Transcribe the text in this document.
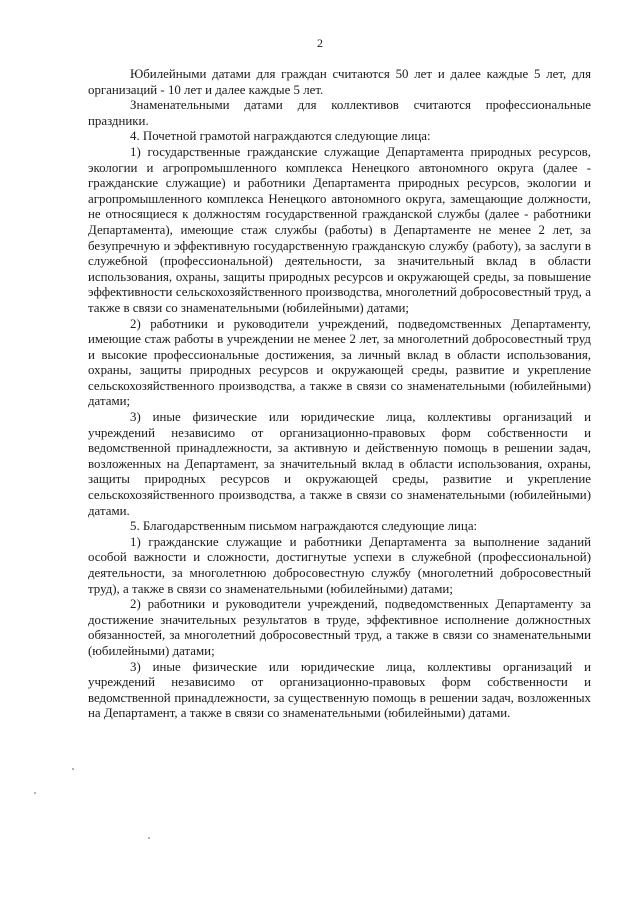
2

Юбилейными датами для граждан считаются 50 лет и далее каждые 5 лет, для организаций - 10 лет и далее каждые 5 лет.

Знаменательными датами для коллективов считаются профессиональные праздники.

4. Почетной грамотой награждаются следующие лица:

1) государственные гражданские служащие Департамента природных ресурсов, экологии и агропромышленного комплекса Ненецкого автономного округа (далее - гражданские служащие) и работники Департамента природных ресурсов, экологии и агропромышленного комплекса Ненецкого автономного округа, замещающие должности, не относящиеся к должностям государственной гражданской службы (далее - работники Департамента), имеющие стаж службы (работы) в Департаменте не менее 2 лет, за безупречную и эффективную государственную гражданскую службу (работу), за заслуги в служебной (профессиональной) деятельности, за значительный вклад в области использования, охраны, защиты природных ресурсов и окружающей среды, за повышение эффективности сельскохозяйственного производства, многолетний добросовестный труд, а также в связи со знаменательными (юбилейными) датами;

2) работники и руководители учреждений, подведомственных Департаменту, имеющие стаж работы в учреждении не менее 2 лет, за многолетний добросовестный труд и высокие профессиональные достижения, за личный вклад в области использования, охраны, защиты природных ресурсов и окружающей среды, развитие и укрепление сельскохозяйственного производства, а также в связи со знаменательными (юбилейными) датами;

3) иные физические или юридические лица, коллективы организаций и учреждений независимо от организационно-правовых форм собственности и ведомственной принадлежности, за активную и действенную помощь в решении задач, возложенных на Департамент, за значительный вклад в области использования, охраны, защиты природных ресурсов и окружающей среды, развитие и укрепление сельскохозяйственного производства, а также в связи со знаменательными (юбилейными) датами.

5. Благодарственным письмом награждаются следующие лица:

1) гражданские служащие и работники Департамента за выполнение заданий особой важности и сложности, достигнутые успехи в служебной (профессиональной) деятельности, за многолетнюю добросовестную службу (многолетний добросовестный труд), а также в связи со знаменательными (юбилейными) датами;

2) работники и руководители учреждений, подведомственных Департаменту за достижение значительных результатов в труде, эффективное исполнение должностных обязанностей, за многолетний добросовестный труд, а также в связи со знаменательными (юбилейными) датами;

3) иные физические или юридические лица, коллективы организаций и учреждений независимо от организационно-правовых форм собственности и ведомственной принадлежности, за существенную помощь в решении задач, возложенных на Департамент, а также в связи со знаменательными (юбилейными) датами.
